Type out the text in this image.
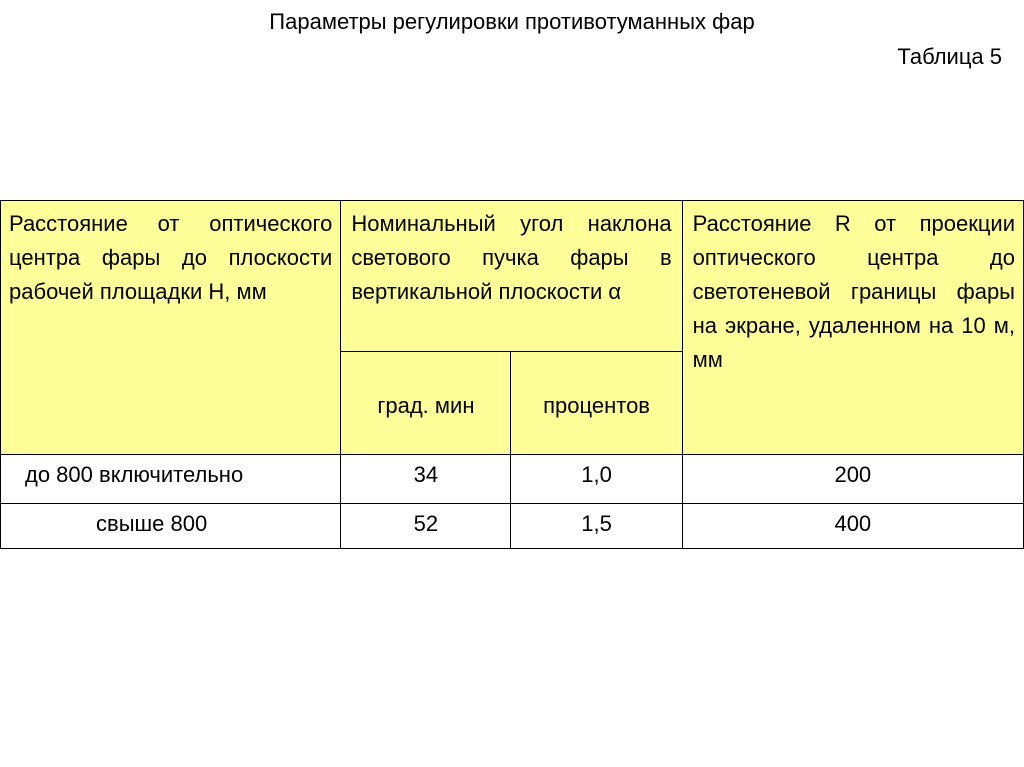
Параметры регулировки противотуманных фар
Таблица 5
Расстояние от оптического центра фары до плоскости рабочей площадки Н, мм	Номинальный угол наклона светового пучка фары в вертикальной плоскости α		Расстояние R от проекции оптического центра до светотеневой границы фары на экране, удаленном на 10 м, мм
	град. мин	процентов	
до 800 включительно	34	1,0	200
свыше 800	52	1,5	400
